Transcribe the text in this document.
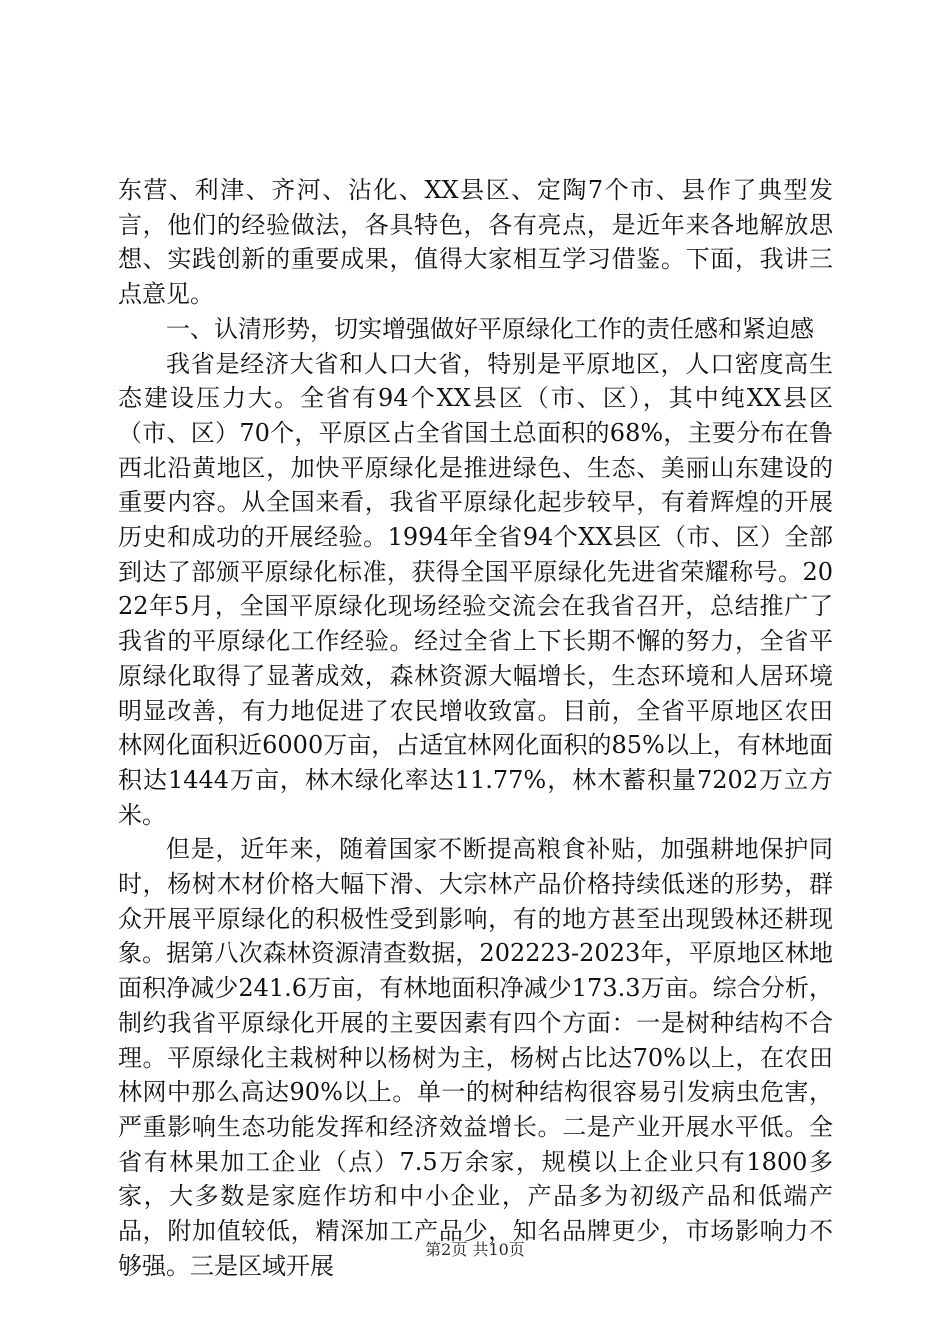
东营、利津、齐河、沾化、XX县区、定陶7个市、县作了典型发言，他们的经验做法，各具特色，各有亮点，是近年来各地解放思想、实践创新的重要成果，值得大家相互学习借鉴。下面，我讲三点意见。

一、认清形势，切实增强做好平原绿化工作的责任感和紧迫感

我省是经济大省和人口大省，特别是平原地区，人口密度高生态建设压力大。全省有94个XX县区（市、区），其中纯XX县区（市、区）70个，平原区占全省国土总面积的68%，主要分布在鲁西北沿黄地区，加快平原绿化是推进绿色、生态、美丽山东建设的重要内容。从全国来看，我省平原绿化起步较早，有着辉煌的开展历史和成功的开展经验。1994年全省94个XX县区（市、区）全部到达了部颁平原绿化标准，获得全国平原绿化先进省荣耀称号。2022年5月，全国平原绿化现场经验交流会在我省召开，总结推广了我省的平原绿化工作经验。经过全省上下长期不懈的努力，全省平原绿化取得了显著成效，森林资源大幅增长，生态环境和人居环境明显改善，有力地促进了农民增收致富。目前，全省平原地区农田林网化面积近6000万亩，占适宜林网化面积的85%以上，有林地面积达1444万亩，林木绿化率达11.77%，林木蓄积量7202万立方米。

但是，近年来，随着国家不断提高粮食补贴，加强耕地保护同时，杨树木材价格大幅下滑、大宗林产品价格持续低迷的形势，群众开展平原绿化的积极性受到影响，有的地方甚至出现毁林还耕现象。据第八次森林资源清查数据，202223-2023年，平原地区林地面积净减少241.6万亩，有林地面积净减少173.3万亩。综合分析，制约我省平原绿化开展的主要因素有四个方面：一是树种结构不合理。平原绿化主栽树种以杨树为主，杨树占比达70%以上，在农田林网中那么高达90%以上。单一的树种结构很容易引发病虫危害，严重影响生态功能发挥和经济效益增长。二是产业开展水平低。全省有林果加工企业（点）7.5万余家，规模以上企业只有1800多家，大多数是家庭作坊和中小企业，产品多为初级产品和低端产品，附加值较低，精深加工产品少，知名品牌更少，市场影响力不够强。三是区域开展

第2页 共10页
